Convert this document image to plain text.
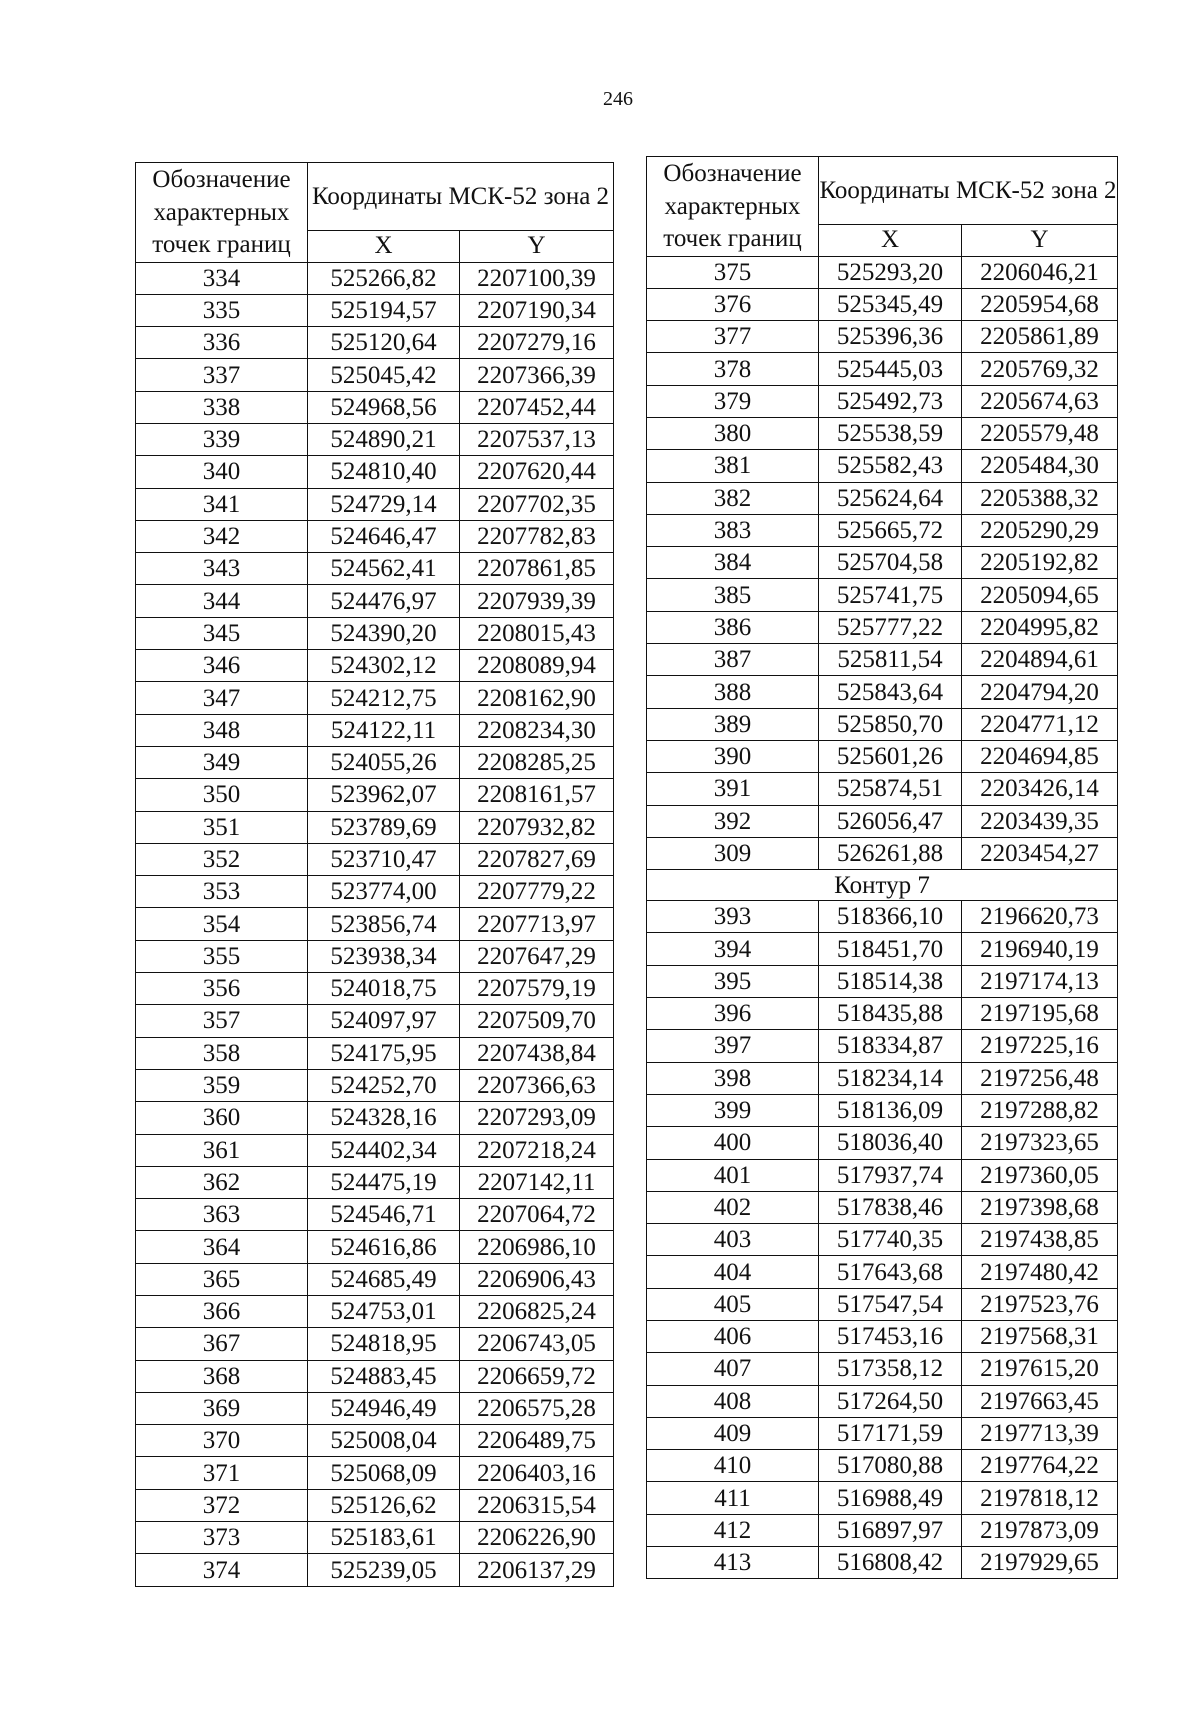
246
Обозначение характерных точек границ	Координаты МСК-52 зона 2	
	X	Y
334	525266,82	2207100,39
335	525194,57	2207190,34
336	525120,64	2207279,16
337	525045,42	2207366,39
338	524968,56	2207452,44
339	524890,21	2207537,13
340	524810,40	2207620,44
341	524729,14	2207702,35
342	524646,47	2207782,83
343	524562,41	2207861,85
344	524476,97	2207939,39
345	524390,20	2208015,43
346	524302,12	2208089,94
347	524212,75	2208162,90
348	524122,11	2208234,30
349	524055,26	2208285,25
350	523962,07	2208161,57
351	523789,69	2207932,82
352	523710,47	2207827,69
353	523774,00	2207779,22
354	523856,74	2207713,97
355	523938,34	2207647,29
356	524018,75	2207579,19
357	524097,97	2207509,70
358	524175,95	2207438,84
359	524252,70	2207366,63
360	524328,16	2207293,09
361	524402,34	2207218,24
362	524475,19	2207142,11
363	524546,71	2207064,72
364	524616,86	2206986,10
365	524685,49	2206906,43
366	524753,01	2206825,24
367	524818,95	2206743,05
368	524883,45	2206659,72
369	524946,49	2206575,28
370	525008,04	2206489,75
371	525068,09	2206403,16
372	525126,62	2206315,54
373	525183,61	2206226,90
374	525239,05	2206137,29
Обозначение характерных точек границ	Координаты МСК-52 зона 2	
	X	Y
375	525293,20	2206046,21
376	525345,49	2205954,68
377	525396,36	2205861,89
378	525445,03	2205769,32
379	525492,73	2205674,63
380	525538,59	2205579,48
381	525582,43	2205484,30
382	525624,64	2205388,32
383	525665,72	2205290,29
384	525704,58	2205192,82
385	525741,75	2205094,65
386	525777,22	2204995,82
387	525811,54	2204894,61
388	525843,64	2204794,20
389	525850,70	2204771,12
390	525601,26	2204694,85
391	525874,51	2203426,14
392	526056,47	2203439,35
309	526261,88	2203454,27
Контур 7		
393	518366,10	2196620,73
394	518451,70	2196940,19
395	518514,38	2197174,13
396	518435,88	2197195,68
397	518334,87	2197225,16
398	518234,14	2197256,48
399	518136,09	2197288,82
400	518036,40	2197323,65
401	517937,74	2197360,05
402	517838,46	2197398,68
403	517740,35	2197438,85
404	517643,68	2197480,42
405	517547,54	2197523,76
406	517453,16	2197568,31
407	517358,12	2197615,20
408	517264,50	2197663,45
409	517171,59	2197713,39
410	517080,88	2197764,22
411	516988,49	2197818,12
412	516897,97	2197873,09
413	516808,42	2197929,65
